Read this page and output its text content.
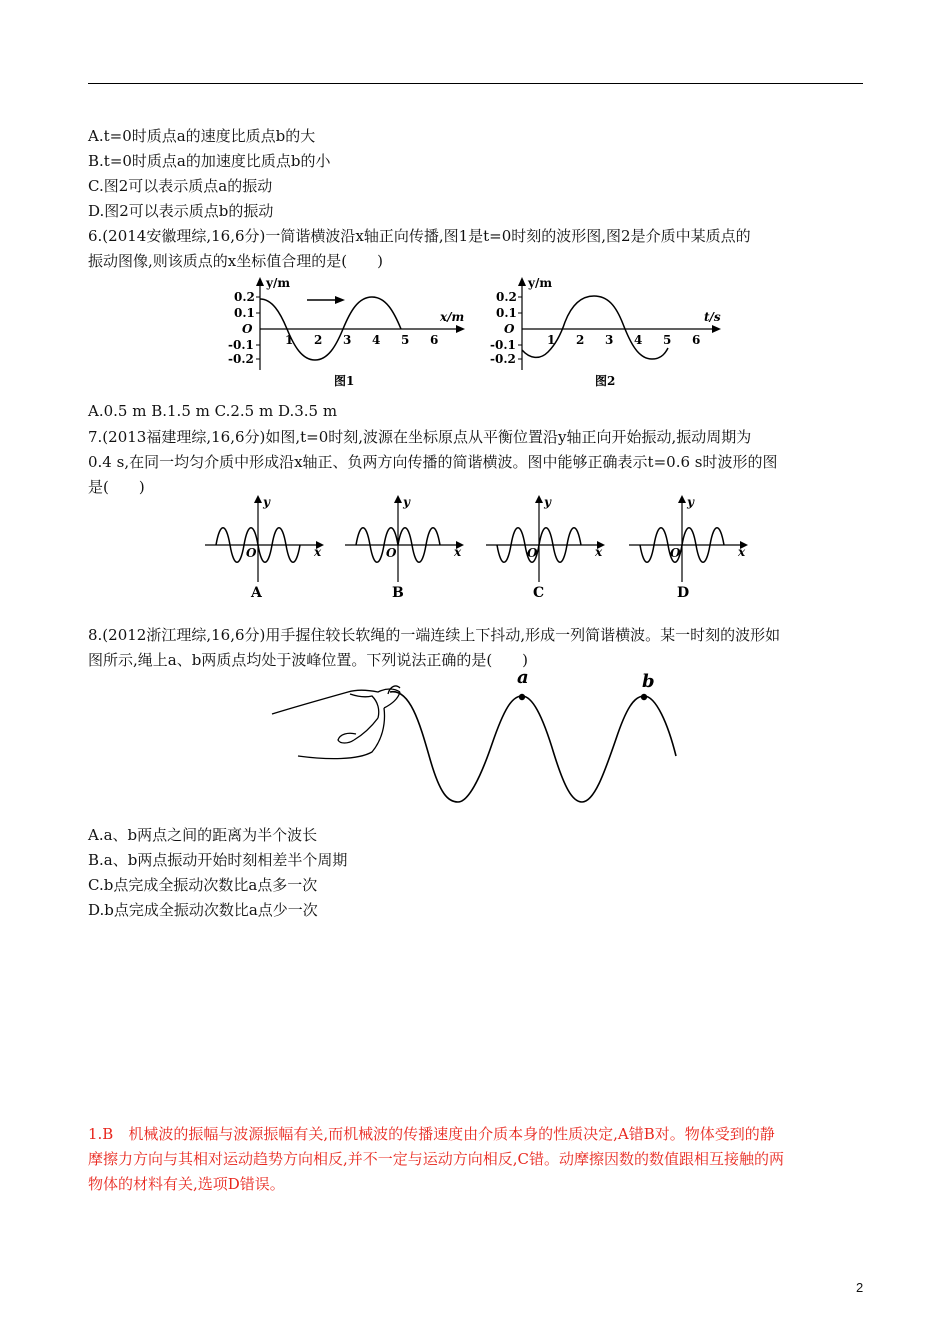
A.t=0时质点a的速度比质点b的大
B.t=0时质点a的加速度比质点b的小
C.图2可以表示质点a的振动
D.图2可以表示质点b的振动
6.(2014安徽理综,16,6分)一简谐横波沿x轴正向传播,图1是t=0时刻的波形图,图2是介质中某质点的
振动图像,则该质点的x坐标值合理的是(　　)
y/m
x/m
0.2
0.1
O
-0.1
-0.2
1 2 3 4 5 6
图1
y/m
t/s
0.2
0.1
O
-0.1
-0.2
1 2 3 4 5 6
图2
A.0.5 m B.1.5 m C.2.5 m D.3.5 m
7.(2013福建理综,16,6分)如图,t=0时刻,波源在坐标原点从平衡位置沿y轴正向开始振动,振动周期为
0.4 s,在同一均匀介质中形成沿x轴正、负两方向传播的简谐横波。图中能够正确表示t=0.6 s时波形的图
是(　　)
y
x
O
A
y
x
O
B
y
x
O
C
y
x
O
D
8.(2012浙江理综,16,6分)用手握住较长软绳的一端连续上下抖动,形成一列简谐横波。某一时刻的波形如
图所示,绳上a、b两质点均处于波峰位置。下列说法正确的是(　　)
a	b
A.a、b两点之间的距离为半个波长
B.a、b两点振动开始时刻相差半个周期
C.b点完成全振动次数比a点多一次
D.b点完成全振动次数比a点少一次
1.B　机械波的振幅与波源振幅有关,而机械波的传播速度由介质本身的性质决定,A错B对。物体受到的静
摩擦力方向与其相对运动趋势方向相反,并不一定与运动方向相反,C错。动摩擦因数的数值跟相互接触的两
物体的材料有关,选项D错误。
2
